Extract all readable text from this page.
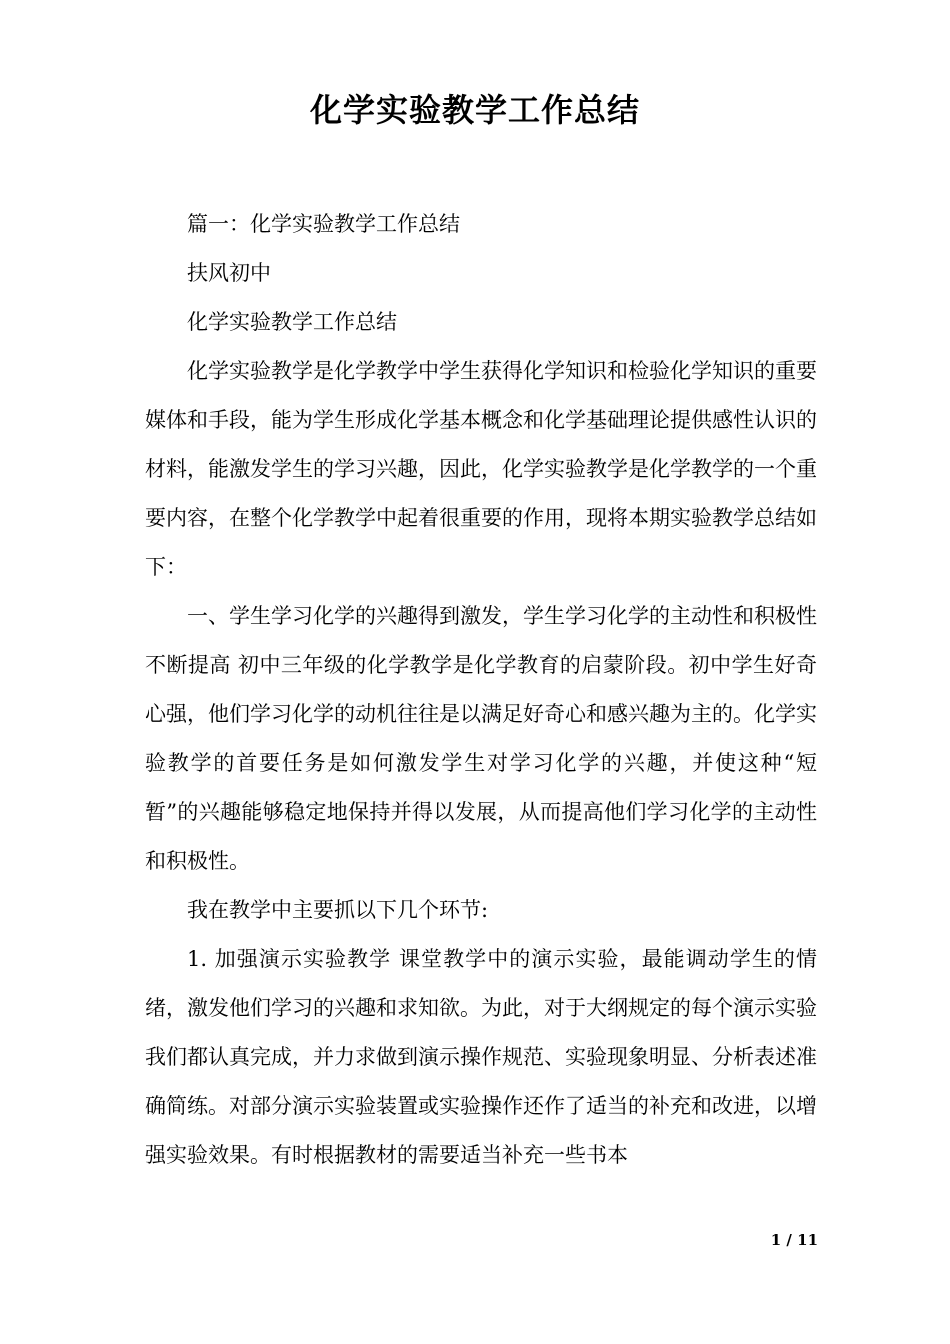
化学实验教学工作总结

篇一：化学实验教学工作总结

扶风初中

化学实验教学工作总结

化学实验教学是化学教学中学生获得化学知识和检验化学知识的重要媒体和手段，能为学生形成化学基本概念和化学基础理论提供感性认识的材料，能激发学生的学习兴趣，因此，化学实验教学是化学教学的一个重要内容，在整个化学教学中起着很重要的作用，现将本期实验教学总结如下：

一、学生学习化学的兴趣得到激发，学生学习化学的主动性和积极性不断提高 初中三年级的化学教学是化学教育的启蒙阶段。初中学生好奇心强，他们学习化学的动机往往是以满足好奇心和感兴趣为主的。化学实验教学的首要任务是如何激发学生对学习化学的兴趣，并使这种“短暂”的兴趣能够稳定地保持并得以发展，从而提高他们学习化学的主动性和积极性。

我在教学中主要抓以下几个环节:

1. 加强演示实验教学 课堂教学中的演示实验，最能调动学生的情绪，激发他们学习的兴趣和求知欲。为此，对于大纲规定的每个演示实验我们都认真完成，并力求做到演示操作规范、实验现象明显、分析表述准确简练。对部分演示实验装置或实验操作还作了适当的补充和改进，以增强实验效果。有时根据教材的需要适当补充一些书本

1 / 11
